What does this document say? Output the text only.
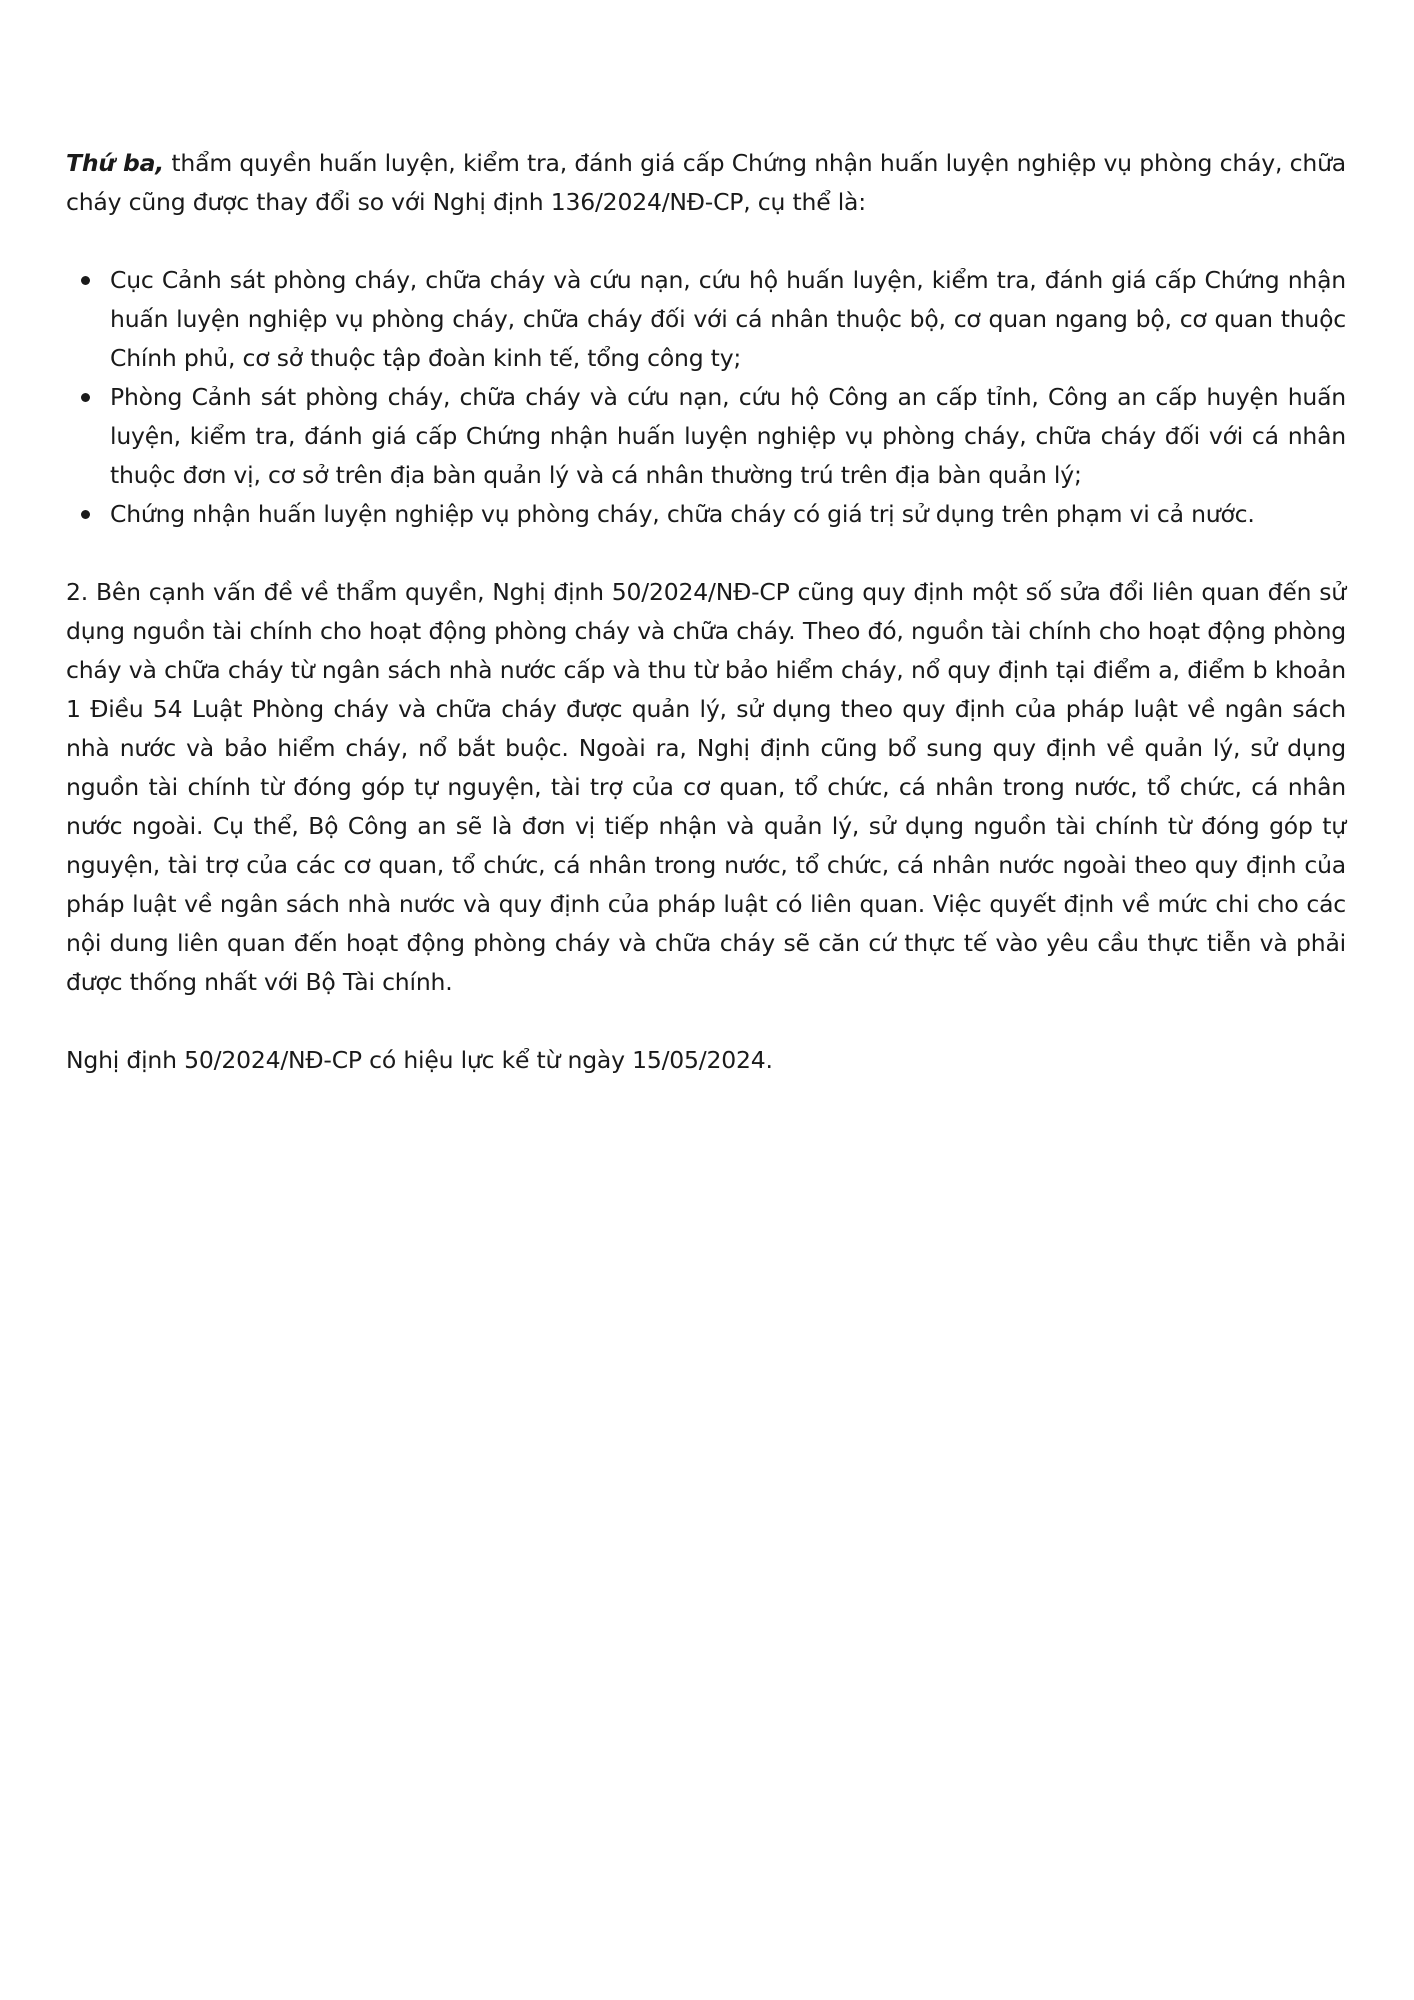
Thứ ba, thẩm quyền huấn luyện, kiểm tra, đánh giá cấp Chứng nhận huấn luyện nghiệp vụ phòng cháy, chữa cháy cũng được thay đổi so với Nghị định 136/2024/NĐ-CP, cụ thể là:

Cục Cảnh sát phòng cháy, chữa cháy và cứu nạn, cứu hộ huấn luyện, kiểm tra, đánh giá cấp Chứng nhận huấn luyện nghiệp vụ phòng cháy, chữa cháy đối với cá nhân thuộc bộ, cơ quan ngang bộ, cơ quan thuộc Chính phủ, cơ sở thuộc tập đoàn kinh tế, tổng công ty;
Phòng Cảnh sát phòng cháy, chữa cháy và cứu nạn, cứu hộ Công an cấp tỉnh, Công an cấp huyện huấn luyện, kiểm tra, đánh giá cấp Chứng nhận huấn luyện nghiệp vụ phòng cháy, chữa cháy đối với cá nhân thuộc đơn vị, cơ sở trên địa bàn quản lý và cá nhân thường trú trên địa bàn quản lý;
Chứng nhận huấn luyện nghiệp vụ phòng cháy, chữa cháy có giá trị sử dụng trên phạm vi cả nước.

2. Bên cạnh vấn đề về thẩm quyền, Nghị định 50/2024/NĐ-CP cũng quy định một số sửa đổi liên quan đến sử dụng nguồn tài chính cho hoạt động phòng cháy và chữa cháy. Theo đó, nguồn tài chính cho hoạt động phòng cháy và chữa cháy từ ngân sách nhà nước cấp và thu từ bảo hiểm cháy, nổ quy định tại điểm a, điểm b khoản 1 Điều 54 Luật Phòng cháy và chữa cháy được quản lý, sử dụng theo quy định của pháp luật về ngân sách nhà nước và bảo hiểm cháy, nổ bắt buộc. Ngoài ra, Nghị định cũng bổ sung quy định về quản lý, sử dụng nguồn tài chính từ đóng góp tự nguyện, tài trợ của cơ quan, tổ chức, cá nhân trong nước, tổ chức, cá nhân nước ngoài. Cụ thể, Bộ Công an sẽ là đơn vị tiếp nhận và quản lý, sử dụng nguồn tài chính từ đóng góp tự nguyện, tài trợ của các cơ quan, tổ chức, cá nhân trong nước, tổ chức, cá nhân nước ngoài theo quy định của pháp luật về ngân sách nhà nước và quy định của pháp luật có liên quan. Việc quyết định về mức chi cho các nội dung liên quan đến hoạt động phòng cháy và chữa cháy sẽ căn cứ thực tế vào yêu cầu thực tiễn và phải được thống nhất với Bộ Tài chính.

Nghị định 50/2024/NĐ-CP có hiệu lực kể từ ngày 15/05/2024.
